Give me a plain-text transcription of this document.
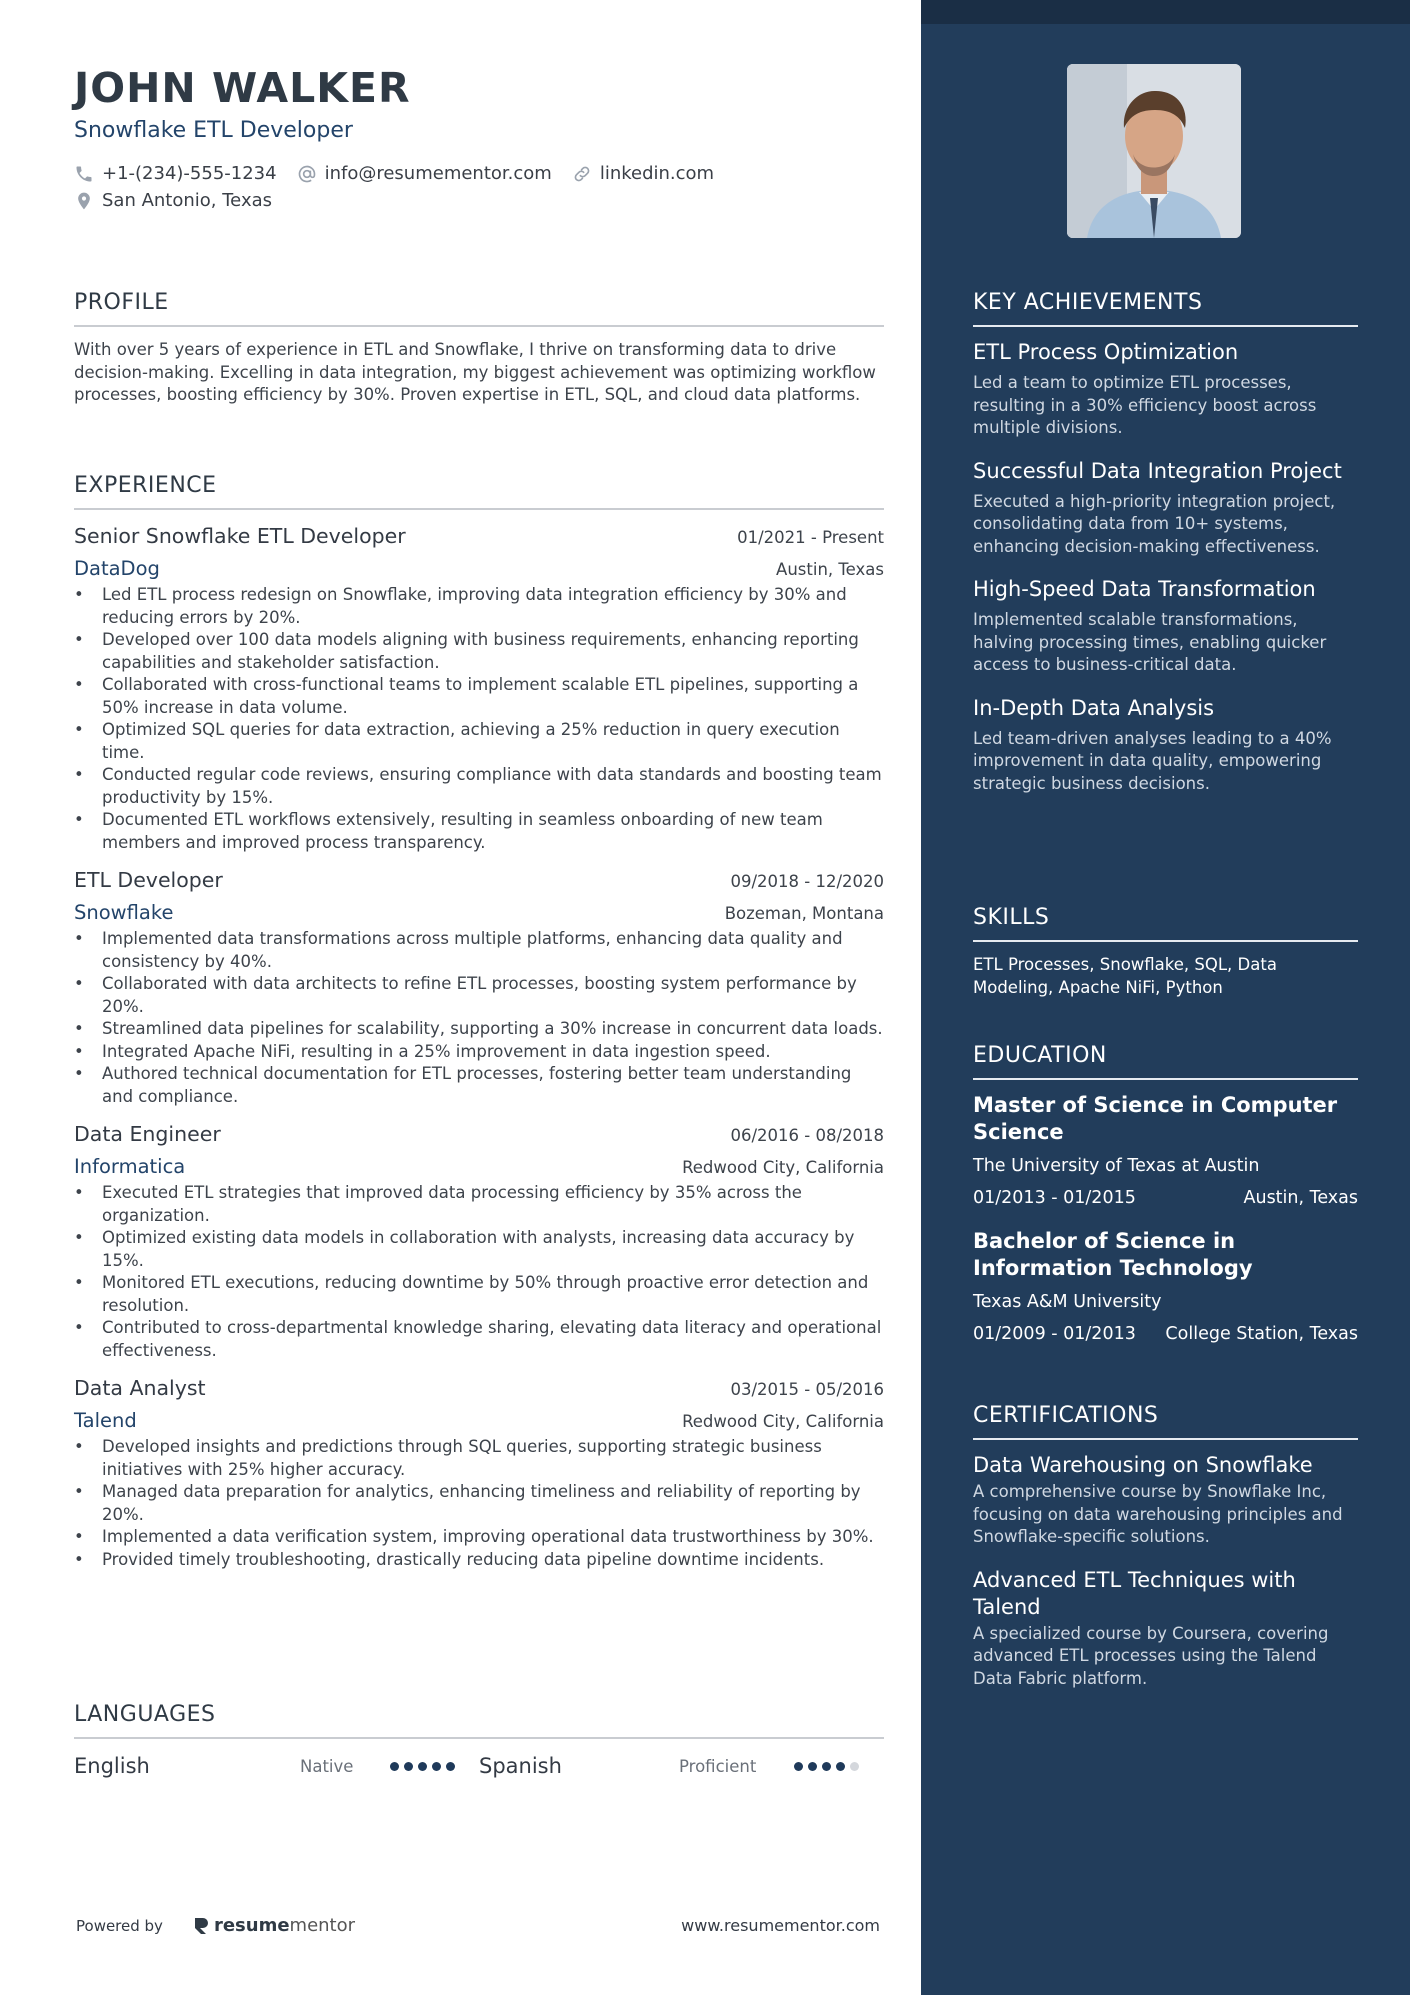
JOHN WALKER
Snowflake ETL Developer
+1-(234)-555-1234	info@resumementor.com	linkedin.com
San Antonio, Texas
PROFILE
With over 5 years of experience in ETL and Snowflake, I thrive on transforming data to drive decision-making. Excelling in data integration, my biggest achievement was optimizing workflow processes, boosting efficiency by 30%. Proven expertise in ETL, SQL, and cloud data platforms.
EXPERIENCE
Senior Snowflake ETL Developer	01/2021 - Present
DataDog	Austin, Texas
• Led ETL process redesign on Snowflake, improving data integration efficiency by 30% and reducing errors by 20%.
• Developed over 100 data models aligning with business requirements, enhancing reporting capabilities and stakeholder satisfaction.
• Collaborated with cross-functional teams to implement scalable ETL pipelines, supporting a 50% increase in data volume.
• Optimized SQL queries for data extraction, achieving a 25% reduction in query execution time.
• Conducted regular code reviews, ensuring compliance with data standards and boosting team productivity by 15%.
• Documented ETL workflows extensively, resulting in seamless onboarding of new team members and improved process transparency.
ETL Developer	09/2018 - 12/2020
Snowflake	Bozeman, Montana
• Implemented data transformations across multiple platforms, enhancing data quality and consistency by 40%.
• Collaborated with data architects to refine ETL processes, boosting system performance by 20%.
• Streamlined data pipelines for scalability, supporting a 30% increase in concurrent data loads.
• Integrated Apache NiFi, resulting in a 25% improvement in data ingestion speed.
• Authored technical documentation for ETL processes, fostering better team understanding and compliance.
Data Engineer	06/2016 - 08/2018
Informatica	Redwood City, California
• Executed ETL strategies that improved data processing efficiency by 35% across the organization.
• Optimized existing data models in collaboration with analysts, increasing data accuracy by 15%.
• Monitored ETL executions, reducing downtime by 50% through proactive error detection and resolution.
• Contributed to cross-departmental knowledge sharing, elevating data literacy and operational effectiveness.
Data Analyst	03/2015 - 05/2016
Talend	Redwood City, California
• Developed insights and predictions through SQL queries, supporting strategic business initiatives with 25% higher accuracy.
• Managed data preparation for analytics, enhancing timeliness and reliability of reporting by 20%.
• Implemented a data verification system, improving operational data trustworthiness by 30%.
• Provided timely troubleshooting, drastically reducing data pipeline downtime incidents.
LANGUAGES
English	Native	Spanish	Proficient
Powered by	resume mentor	www.resumementor.com
KEY ACHIEVEMENTS
ETL Process Optimization
Led a team to optimize ETL processes, resulting in a 30% efficiency boost across multiple divisions.
Successful Data Integration Project
Executed a high-priority integration project, consolidating data from 10+ systems, enhancing decision-making effectiveness.
High-Speed Data Transformation
Implemented scalable transformations, halving processing times, enabling quicker access to business-critical data.
In-Depth Data Analysis
Led team-driven analyses leading to a 40% improvement in data quality, empowering strategic business decisions.
SKILLS
ETL Processes, Snowflake, SQL, Data Modeling, Apache NiFi, Python
EDUCATION
Master of Science in Computer Science
The University of Texas at Austin
01/2013 - 01/2015	Austin, Texas
Bachelor of Science in Information Technology
Texas A&M University
01/2009 - 01/2013 College Station, Texas
CERTIFICATIONS
Data Warehousing on Snowflake
A comprehensive course by Snowflake Inc, focusing on data warehousing principles and Snowflake-specific solutions.
Advanced ETL Techniques with Talend
A specialized course by Coursera, covering advanced ETL processes using the Talend Data Fabric platform.
